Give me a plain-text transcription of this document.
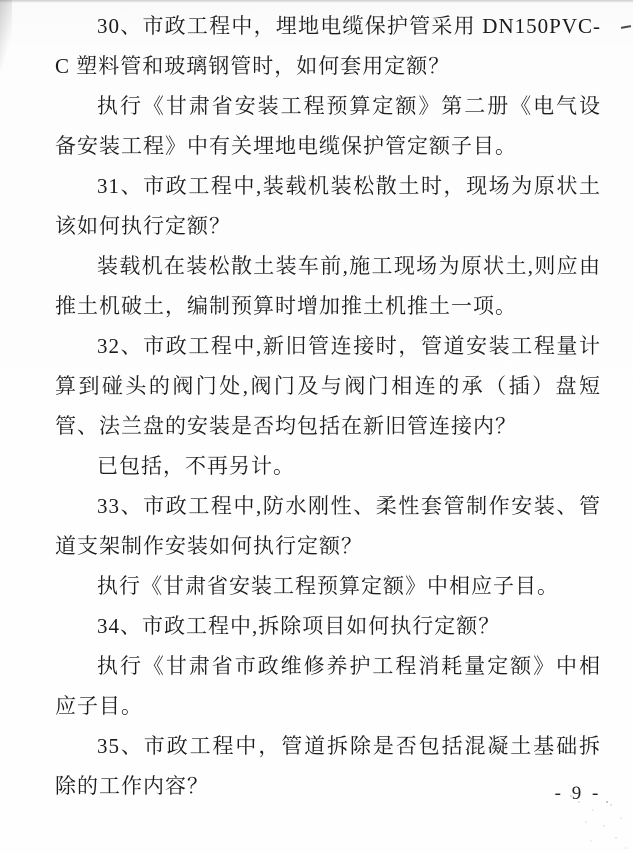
30、市政工程中，埋地电缆保护管采用 DN150PVC-C 塑料管和玻璃钢管时，如何套用定额？

执行《甘肃省安装工程预算定额》第二册《电气设备安装工程》中有关埋地电缆保护管定额子目。

31、市政工程中,装载机装松散土时，现场为原状土该如何执行定额？

装载机在装松散土装车前,施工现场为原状土,则应由推土机破土，编制预算时增加推土机推土一项。

32、市政工程中,新旧管连接时，管道安装工程量计算到碰头的阀门处,阀门及与阀门相连的承（插）盘短管、法兰盘的安装是否均包括在新旧管连接内？

已包括，不再另计。

33、市政工程中,防水刚性、柔性套管制作安装、管道支架制作安装如何执行定额？

执行《甘肃省安装工程预算定额》中相应子目。

34、市政工程中,拆除项目如何执行定额？

执行《甘肃省市政维修养护工程消耗量定额》中相应子目。

35、市政工程中，管道拆除是否包括混凝土基础拆除的工作内容？	- 9 -
